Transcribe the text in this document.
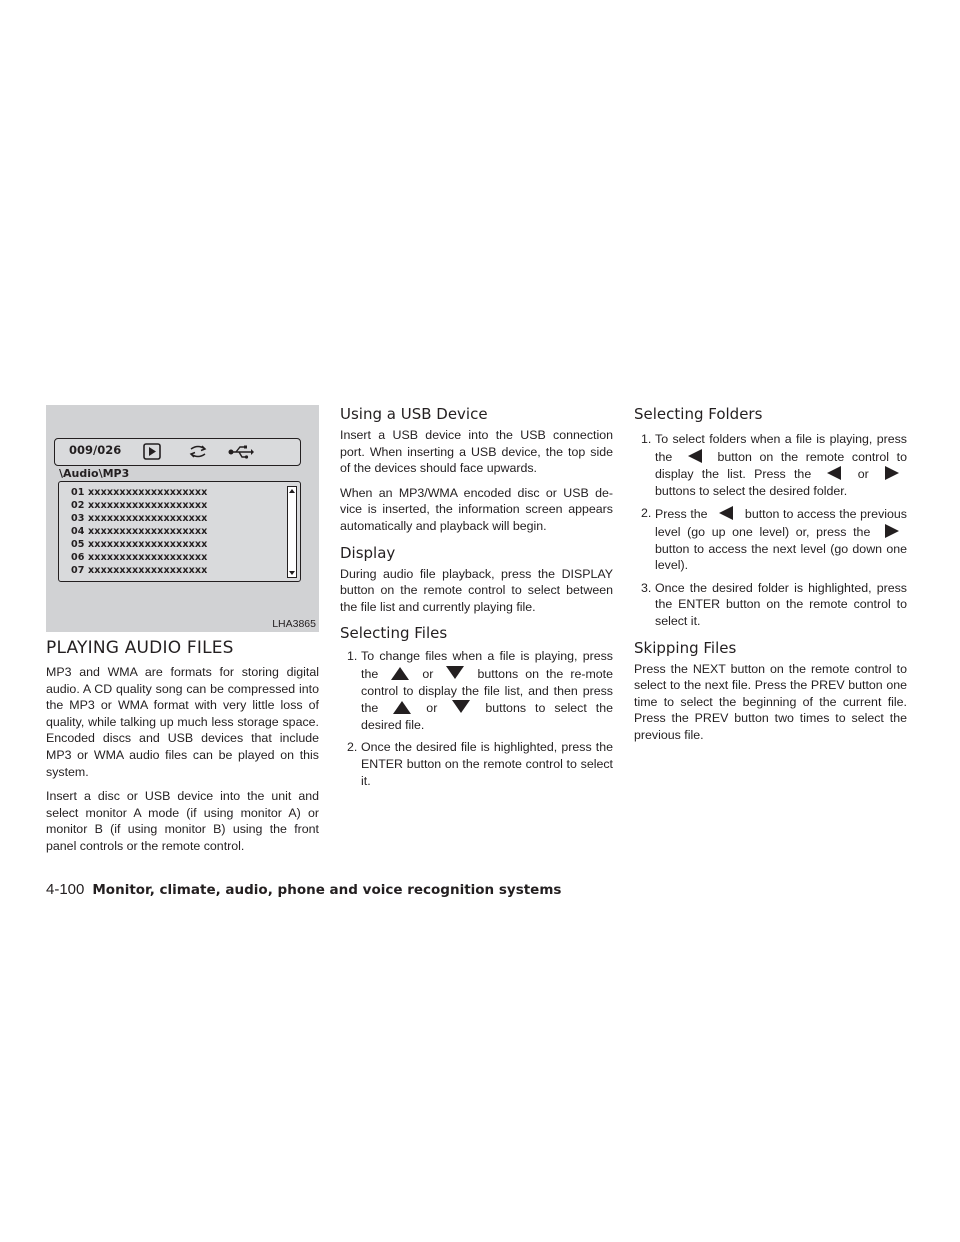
009/026
\Audio\MP3
01 xxxxxxxxxxxxxxxxxxx
02 xxxxxxxxxxxxxxxxxxx
03 xxxxxxxxxxxxxxxxxxx
04 xxxxxxxxxxxxxxxxxxx
05 xxxxxxxxxxxxxxxxxxx
06 xxxxxxxxxxxxxxxxxxx
07 xxxxxxxxxxxxxxxxxxx
LHA3865
PLAYING AUDIO FILES

MP3 and WMA are formats for storing digital audio. A CD quality song can be compressed into the MP3 or WMA format with very little loss of quality, while talking up much less storage space. Encoded discs and USB devices that include MP3 or WMA audio files can be played on this system.

Insert a disc or USB device into the unit and select monitor A mode (if using monitor A) or monitor B (if using monitor B) using the front panel controls or the remote control.

Using a USB Device

Insert a USB device into the USB connection port. When inserting a USB device, the top side of the devices should face upwards.

When an MP3/WMA encoded disc or USB de-vice is inserted, the information screen appears automatically and playback will begin.

Display

During audio file playback, press the DISPLAY button on the remote control to select between the file list and currently playing file.

Selecting Files
1. To change files when a file is playing, press the	or	buttons on the re-mote control to display the file list, and then press the	or	buttons to select the desired file.
2. Once the desired file is highlighted, press the ENTER button on the remote control to select it.
Selecting Folders
1. To select folders when a file is playing, press the	button on the remote control to display the list. Press the	or
buttons to select the desired folder.
2. Press the	button to access the previous level (go up one level) or, press the
button to access the next level (go down one level).
3. Once the desired folder is highlighted, press the ENTER button on the remote control to select it.
Skipping Files

Press the NEXT button on the remote control to select to the next file. Press the PREV button one time to select the beginning of the current file. Press the PREV button two times to select the previous file.

4-100 Monitor, climate, audio, phone and voice recognition systems
